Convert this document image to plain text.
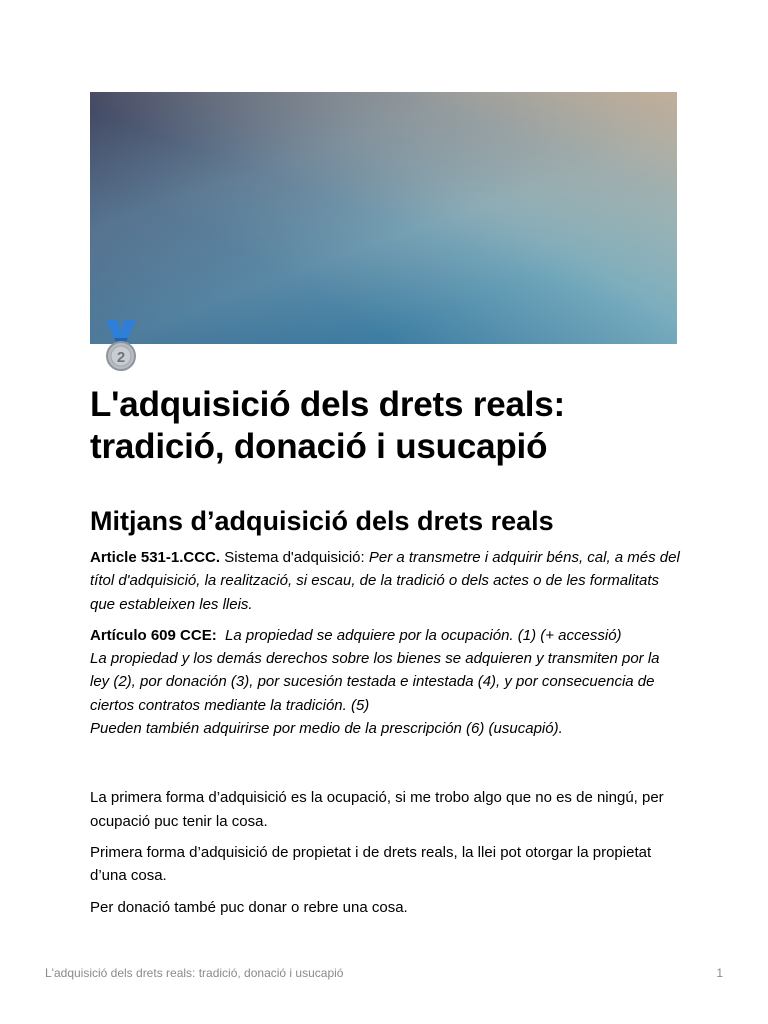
2
L'adquisició dels drets reals: tradició, donació i usucapió
Mitjans d’adquisició dels drets reals

Article 531-1.CCC. Sistema d'adquisició: Per a transmetre i adquirir béns, cal, a més del títol d'adquisició, la realització, si escau, de la tradició o dels actes o de les formalitats que estableixen les lleis.

Artículo 609 CCE: La propiedad se adquiere por la ocupación. (1) (+ accessió)
La propiedad y los demás derechos sobre los bienes se adquieren y transmiten por la ley (2), por donación (3), por sucesión testada e intestada (4), y por consecuencia de ciertos contratos mediante la tradición. (5)
Pueden también adquirirse por medio de la prescripción (6) (usucapió).

La primera forma d’adquisició es la ocupació, si me trobo algo que no es de ningú, per ocupació puc tenir la cosa.

Primera forma d’adquisició de propietat i de drets reals, la llei pot otorgar la propietat d’una cosa.

Per donació també puc donar o rebre una cosa.

L'adquisició dels drets reals: tradició, donació i usucapió	1
